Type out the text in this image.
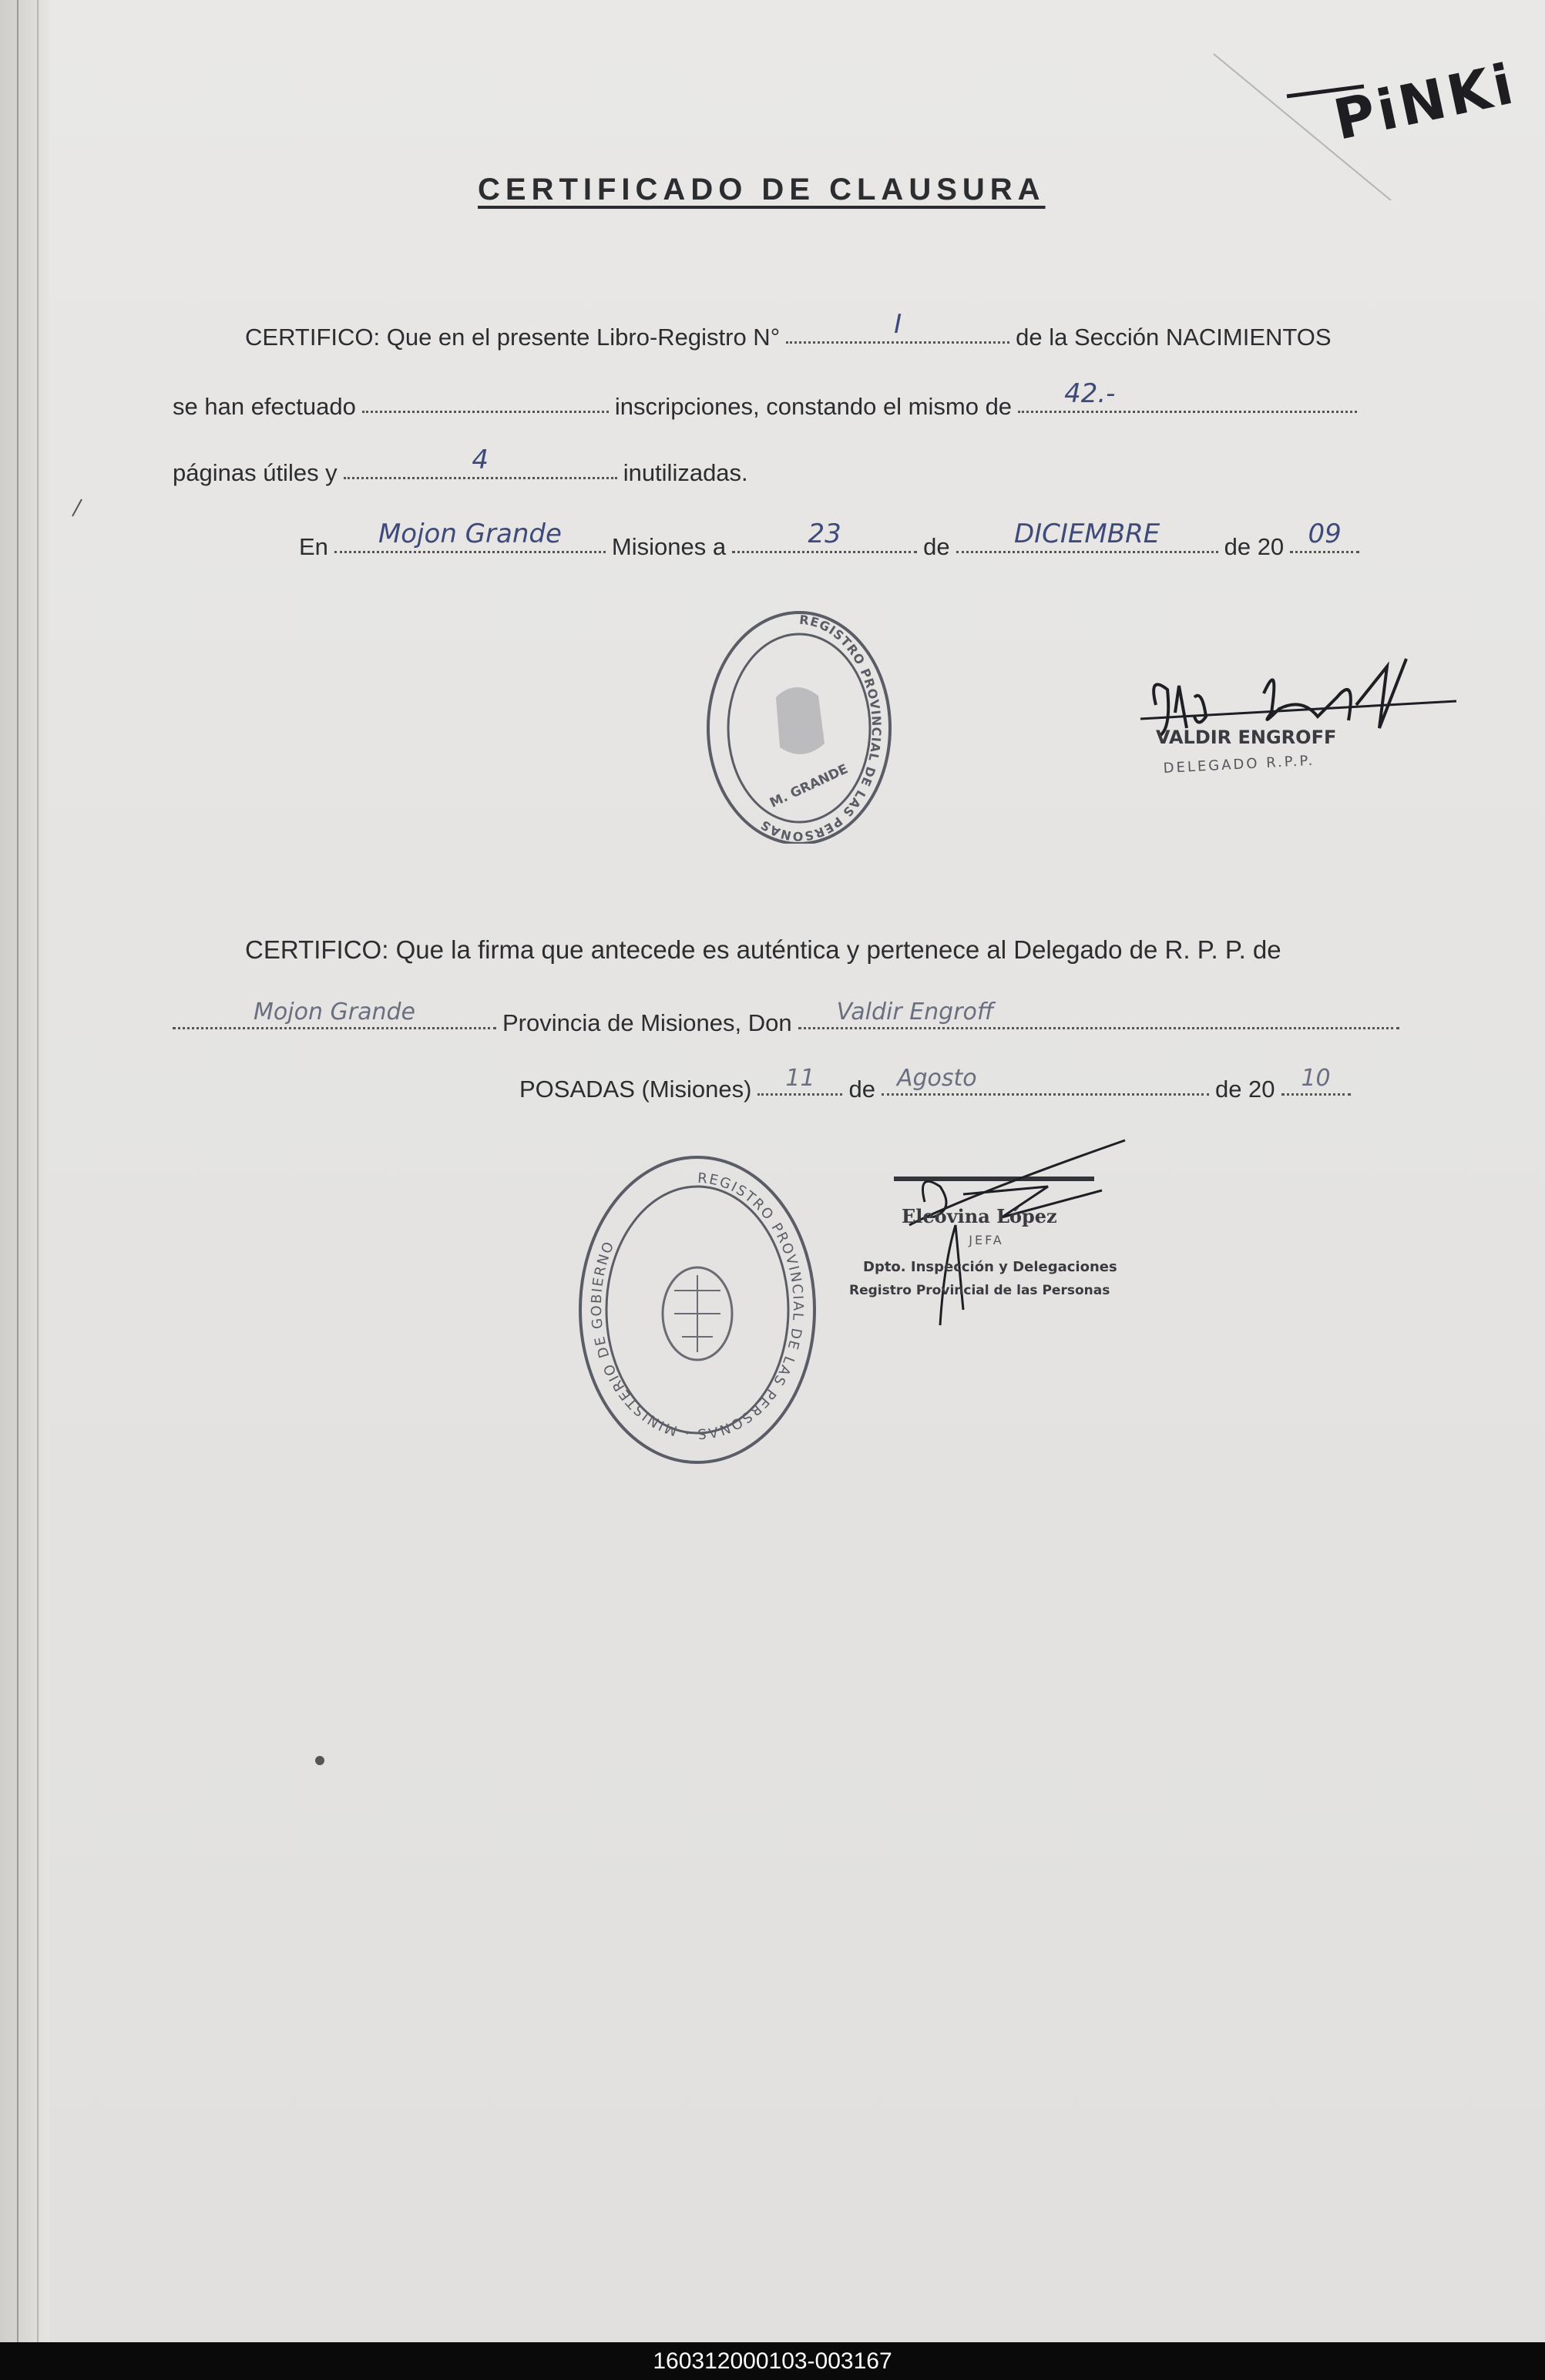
PiNKi
CERTIFICADO DE CLAUSURA
CERTIFICO: Que en el presente Libro-Registro N°	I	de la Sección NACIMIENTOS
se han efectuado	inscripciones, constando el mismo de	42.-
páginas útiles y	4	inutilizadas.
En	Mojon Grande	Misiones a	23	de	DICIEMBRE	de 20 09
REGISTRO PROVINCIAL DE LAS PERSONAS
M. GRANDE
VALDIR ENGROFF
DELEGADO R.P.P.
CERTIFICO: Que la firma que antecede es auténtica y pertenece al Delegado de R. P. P. de
Mojon Grande	Provincia de Misiones, Don	Valdir Engroff
POSADAS (Misiones)	11	de Agosto	de 20	10
REGISTRO PROVINCIAL DE LAS PERSONAS · MINISTERIO DE GOBIERNO
Eleovina López
JEFA
Dpto. Inspección y Delegaciones
Registro Provincial de las Personas
160312000103-003167
